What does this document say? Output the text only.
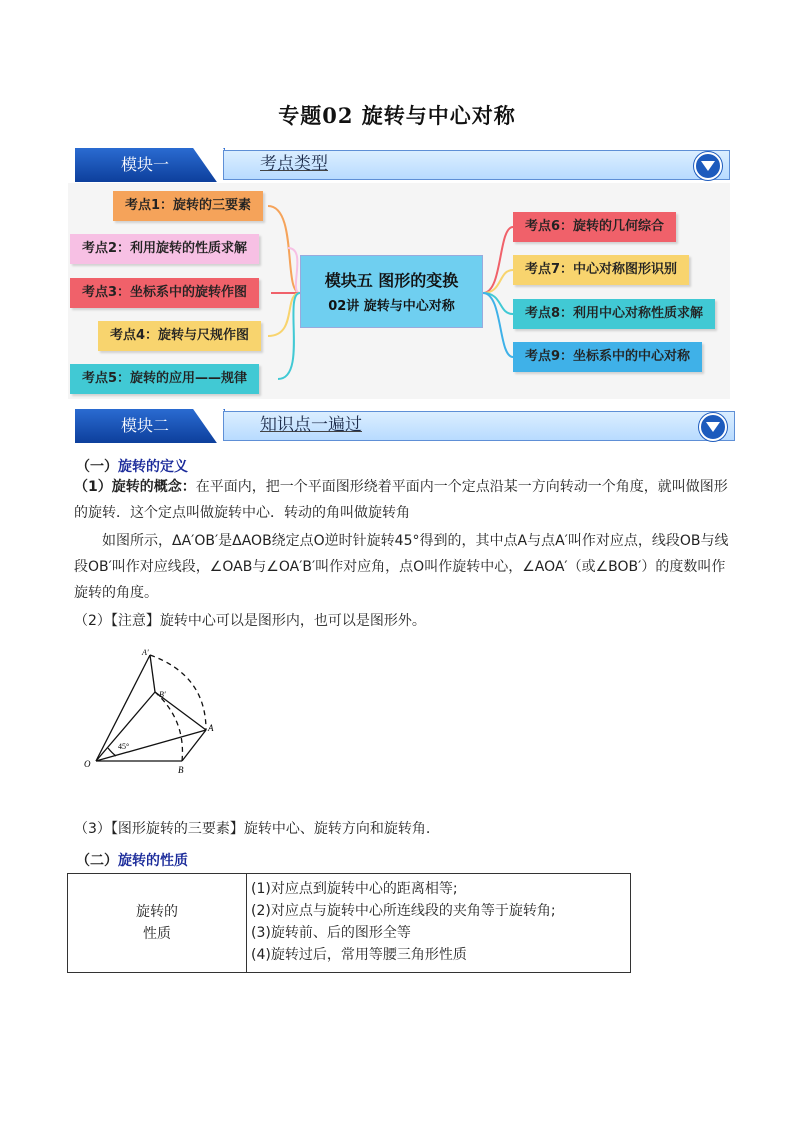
专题02 旋转与中心对称
模块一	考点类型
考点1：旋转的三要素
考点2：利用旋转的性质求解
考点3：坐标系中的旋转作图
考点4：旋转与尺规作图
考点5：旋转的应用——规律
模块五 图形的变换
02讲 旋转与中心对称
考点6：旋转的几何综合
考点7：中心对称图形识别
考点8：利用中心对称性质求解
考点9：坐标系中的中心对称
模块二	知识点一遍过
（一）旋转的定义
（1）旋转的概念：在平面内，把一个平面图形绕着平面内一个定点沿某一方向转动一个角度，就叫做图形的旋转．这个定点叫做旋转中心．转动的角叫做旋转角
如图所示，ΔA′OB′是ΔAOB绕定点O逆时针旋转45°得到的，其中点A与点A′叫作对应点，线段OB与线段OB′叫作对应线段，∠OAB与∠OA′B′叫作对应角，点O叫作旋转中心，∠AOA′（或∠BOB′）的度数叫作旋转的角度。
（2）【注意】旋转中心可以是图形内，也可以是图形外。
A′
B′
A
O
B
45°
（3）【图形旋转的三要素】旋转中心、旋转方向和旋转角.
（二）旋转的性质
旋转的
性质

(1)对应点到旋转中心的距离相等;
(2)对应点与旋转中心所连线段的夹角等于旋转角;
(3)旋转前、后的图形全等
(4)旋转过后，常用等腰三角形性质
